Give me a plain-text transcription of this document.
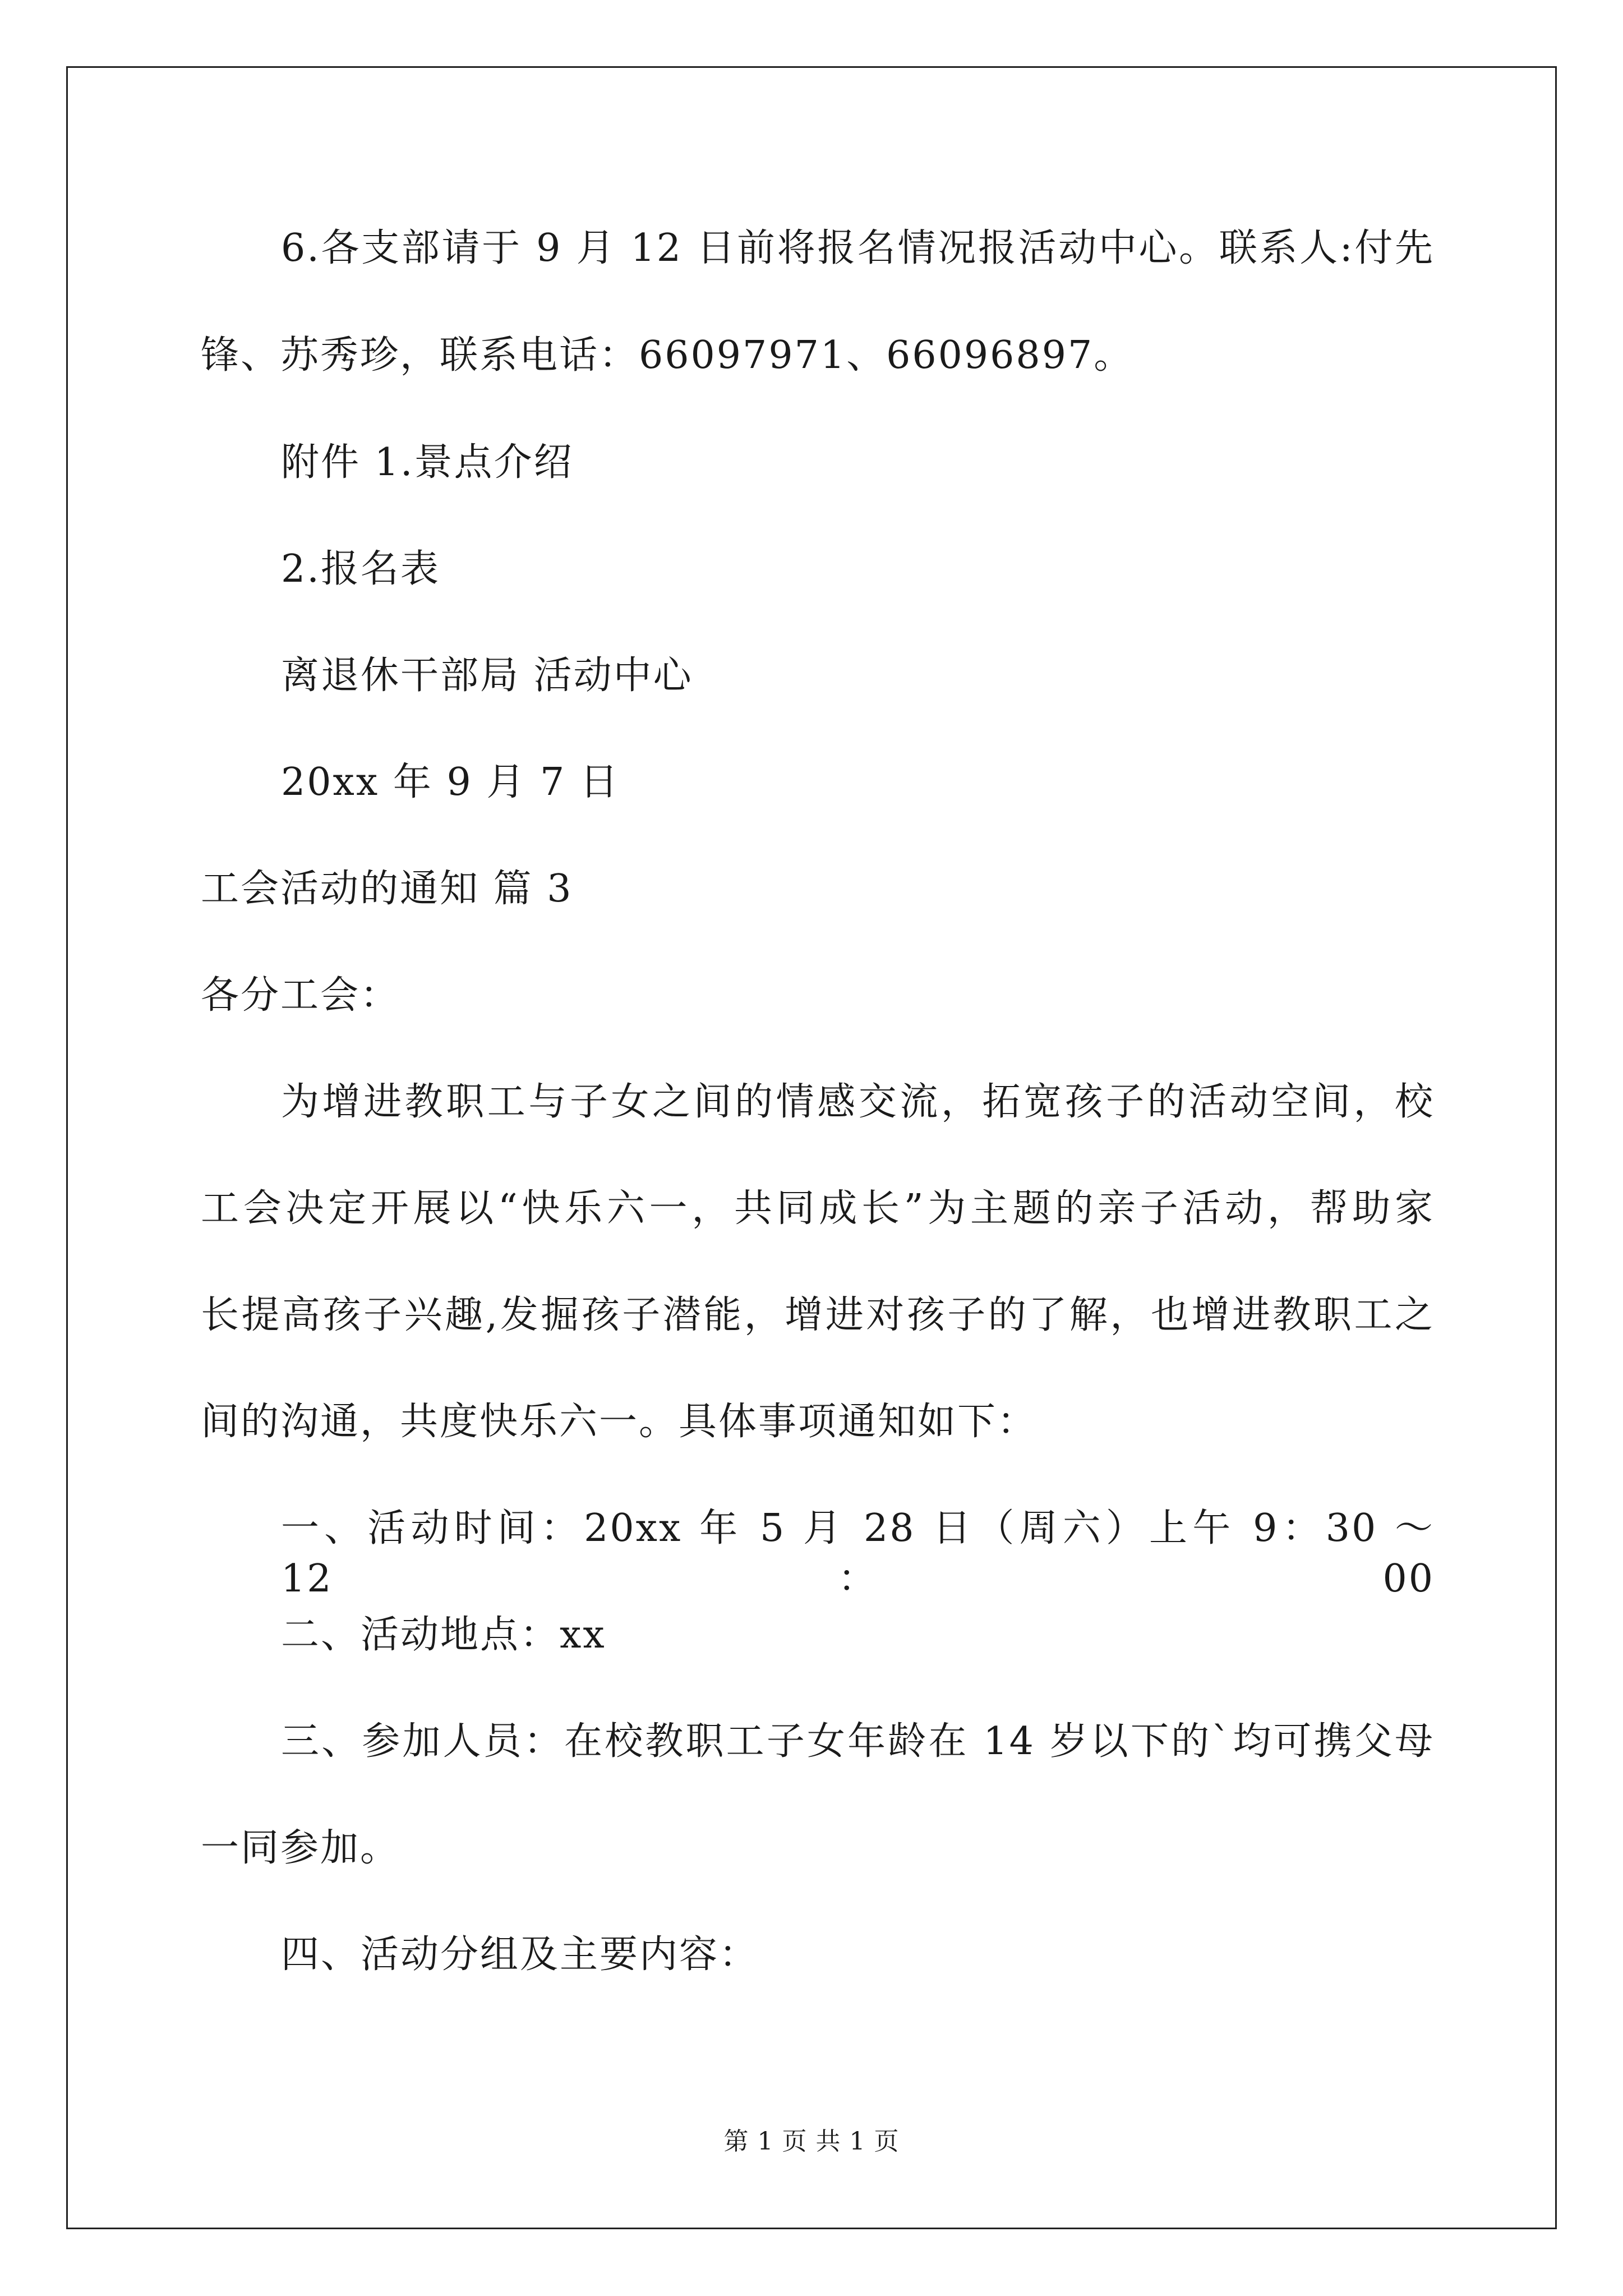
6.各支部请于 9 月 12 日前将报名情况报活动中心。联系人:付先
锋、苏秀珍，联系电话：66097971、66096897。
附件 1.景点介绍
2.报名表
离退休干部局 活动中心
20xx 年 9 月 7 日
工会活动的通知 篇 3
各分工会：
为增进教职工与子女之间的情感交流，拓宽孩子的活动空间，校
工会决定开展以“快乐六一，共同成长”为主题的亲子活动，帮助家
长提高孩子兴趣,发掘孩子潜能，增进对孩子的了解，也增进教职工之
间的沟通，共度快乐六一。具体事项通知如下：
一、活动时间：20xx 年 5 月 28 日（周六）上午 9：30 ～12：00
二、活动地点：xx
三、参加人员：在校教职工子女年龄在 14 岁以下的`均可携父母
一同参加。
四、活动分组及主要内容：
第 1 页 共 1 页
